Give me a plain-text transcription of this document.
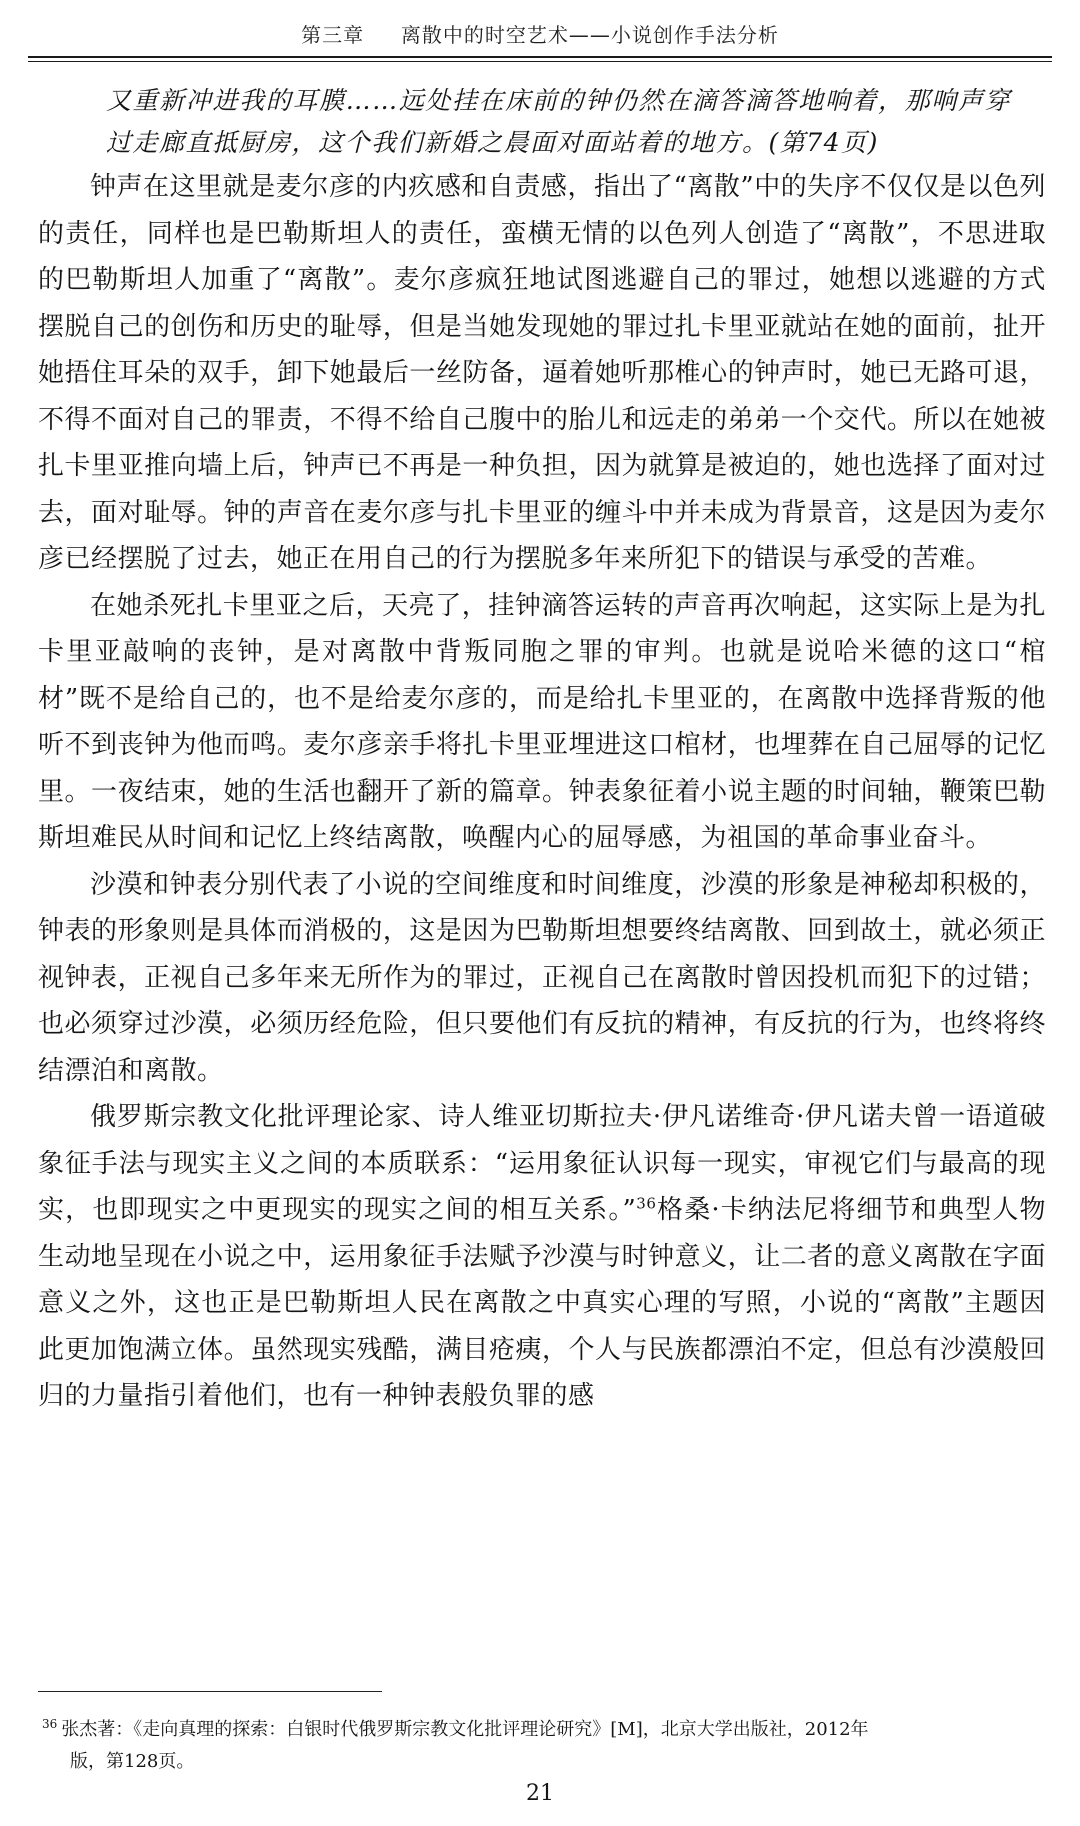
第三章 离散中的时空艺术——小说创作手法分析

又重新冲进我的耳膜……远处挂在床前的钟仍然在滴答滴答地响着，那响声穿过走廊直抵厨房，这个我们新婚之晨面对面站着的地方。(第74页)

钟声在这里就是麦尔彦的内疚感和自责感，指出了“离散”中的失序不仅仅是以色列的责任，同样也是巴勒斯坦人的责任，蛮横无情的以色列人创造了“离散”，不思进取的巴勒斯坦人加重了“离散”。麦尔彦疯狂地试图逃避自己的罪过，她想以逃避的方式摆脱自己的创伤和历史的耻辱，但是当她发现她的罪过扎卡里亚就站在她的面前，扯开她捂住耳朵的双手，卸下她最后一丝防备，逼着她听那椎心的钟声时，她已无路可退，不得不面对自己的罪责，不得不给自己腹中的胎儿和远走的弟弟一个交代。所以在她被扎卡里亚推向墙上后，钟声已不再是一种负担，因为就算是被迫的，她也选择了面对过去，面对耻辱。钟的声音在麦尔彦与扎卡里亚的缠斗中并未成为背景音，这是因为麦尔彦已经摆脱了过去，她正在用自己的行为摆脱多年来所犯下的错误与承受的苦难。

在她杀死扎卡里亚之后，天亮了，挂钟滴答运转的声音再次响起，这实际上是为扎卡里亚敲响的丧钟，是对离散中背叛同胞之罪的审判。也就是说哈米德的这口“棺材”既不是给自己的，也不是给麦尔彦的，而是给扎卡里亚的，在离散中选择背叛的他听不到丧钟为他而鸣。麦尔彦亲手将扎卡里亚埋进这口棺材，也埋葬在自己屈辱的记忆里。一夜结束，她的生活也翻开了新的篇章。钟表象征着小说主题的时间轴，鞭策巴勒斯坦难民从时间和记忆上终结离散，唤醒内心的屈辱感，为祖国的革命事业奋斗。

沙漠和钟表分别代表了小说的空间维度和时间维度，沙漠的形象是神秘却积极的，钟表的形象则是具体而消极的，这是因为巴勒斯坦想要终结离散、回到故土，就必须正视钟表，正视自己多年来无所作为的罪过，正视自己在离散时曾因投机而犯下的过错；也必须穿过沙漠，必须历经危险，但只要他们有反抗的精神，有反抗的行为，也终将终结漂泊和离散。

俄罗斯宗教文化批评理论家、诗人维亚切斯拉夫·伊凡诺维奇·伊凡诺夫曾一语道破象征手法与现实主义之间的本质联系：“运用象征认识每一现实，审视它们与最高的现实，也即现实之中更现实的现实之间的相互关系。”$^{36}$格桑·卡纳法尼将细节和典型人物生动地呈现在小说之中，运用象征手法赋予沙漠与时钟意义，让二者的意义离散在字面意义之外，这也正是巴勒斯坦人民在离散之中真实心理的写照，小说的“离散”主题因此更加饱满立体。虽然现实残酷，满目疮痍，个人与民族都漂泊不定，但总有沙漠般回归的力量指引着他们，也有一种钟表般负罪的感

$^{36}$ 张杰著：《走向真理的探索：白银时代俄罗斯宗教文化批评理论研究》[M]，北京大学出版社，2012年
版，第128页。
21
